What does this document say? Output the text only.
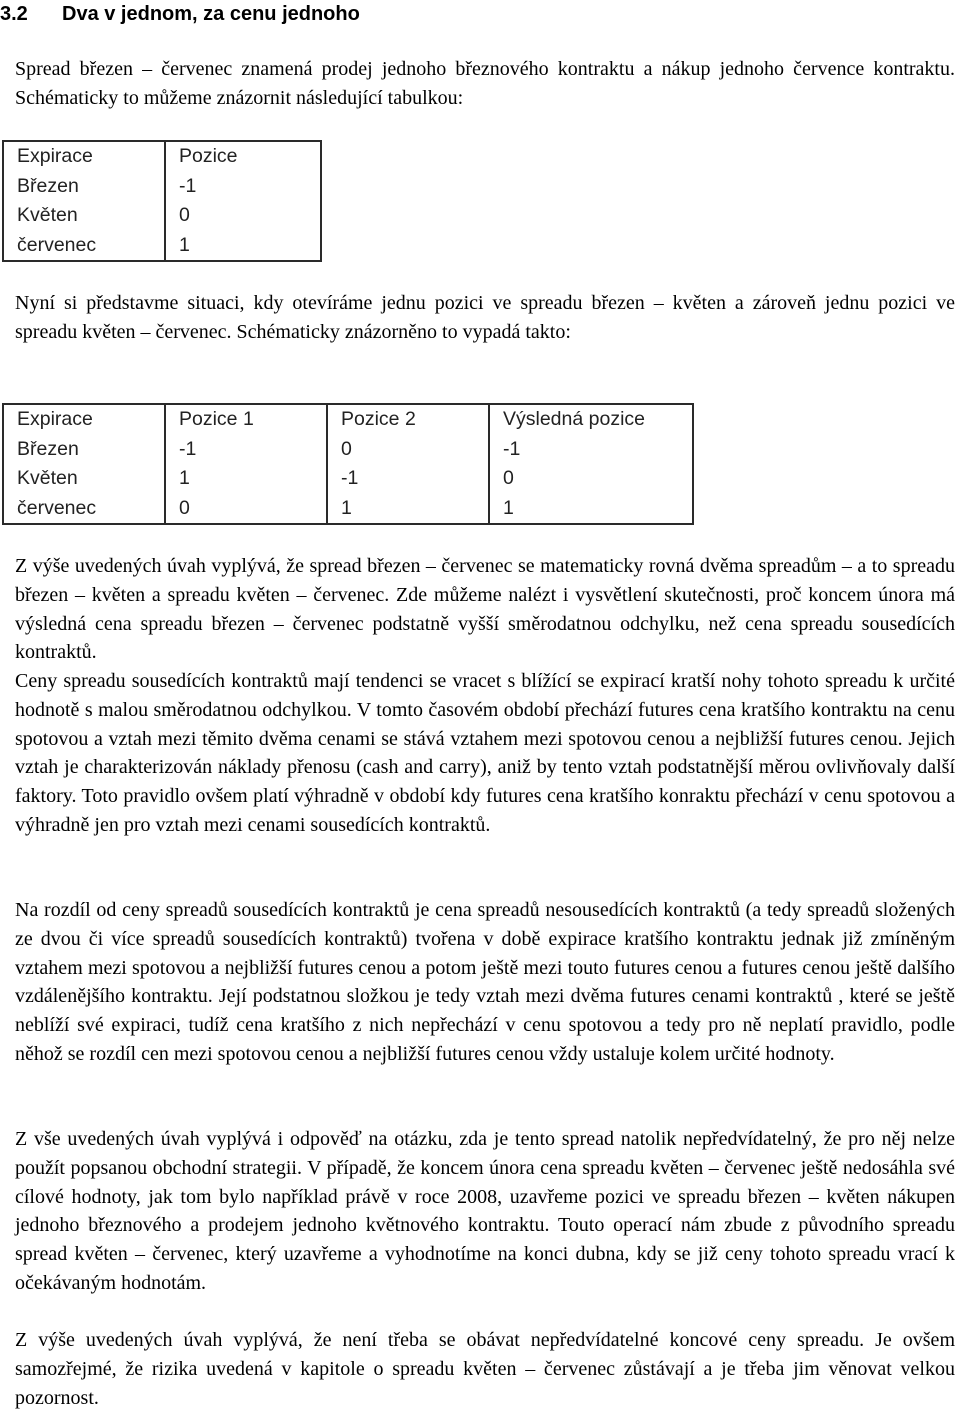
3.2 Dva v jednom, za cenu jednoho

Spread březen – červenec znamená prodej jednoho březnového kontraktu a nákup jednoho července kontraktu. Schématicky to můžeme znázornit následující tabulkou:

Expirace	Pozice
Březen	-1
Květen	0
červenec	1

Nyní si představme situaci, kdy otevíráme jednu pozici ve spreadu březen – květen a zároveň jednu pozici ve spreadu květen – červenec. Schématicky znázorněno to vypadá takto:

Expirace	Pozice 1	Pozice 2	Výsledná pozice
Březen	-1	0	-1
Květen	1	-1	0
červenec	0	1	1

Z výše uvedených úvah vyplývá, že spread březen – červenec se matematicky rovná dvěma spreadům – a to spreadu březen – květen a spreadu květen – červenec. Zde můžeme nalézt i vysvětlení skutečnosti, proč koncem února má výsledná cena spreadu březen – červenec podstatně vyšší směrodatnou odchylku, než cena spreadu sousedících kontraktů.

Ceny spreadu sousedících kontraktů mají tendenci se vracet s blížící se expirací kratší nohy tohoto spreadu k určité hodnotě s malou směrodatnou odchylkou. V tomto časovém období přechází futures cena kratšího kontraktu na cenu spotovou a vztah mezi těmito dvěma cenami se stává vztahem mezi spotovou cenou a nejbližší futures cenou. Jejich vztah je charakterizován náklady přenosu (cash and carry), aniž by tento vztah podstatnější měrou ovlivňovaly další faktory. Toto pravidlo ovšem platí výhradně v období kdy futures cena kratšího konraktu přechází v cenu spotovou a výhradně jen pro vztah mezi cenami sousedících kontraktů.

Na rozdíl od ceny spreadů sousedících kontraktů je cena spreadů nesousedících kontraktů (a tedy spreadů složených ze dvou či více spreadů sousedících kontraktů) tvořena v době expirace kratšího kontraktu jednak již zmíněným vztahem mezi spotovou a nejbližší futures cenou a potom ještě mezi touto futures cenou a futures cenou ještě dalšího vzdálenějšího kontraktu. Její podstatnou složkou je tedy vztah mezi dvěma futures cenami kontraktů , které se ještě neblíží své expiraci, tudíž cena kratšího z nich nepřechází v cenu spotovou a tedy pro ně neplatí pravidlo, podle něhož se rozdíl cen mezi spotovou cenou a nejbližší futures cenou vždy ustaluje kolem určité hodnoty.

Z vše uvedených úvah vyplývá i odpověď na otázku, zda je tento spread natolik nepředvídatelný, že pro něj nelze použít popsanou obchodní strategii. V případě, že koncem února cena spreadu květen – červenec ještě nedosáhla své cílové hodnoty, jak tom bylo například právě v roce 2008, uzavřeme pozici ve spreadu březen – květen nákupen jednoho březnového a prodejem jednoho květnového kontraktu. Touto operací nám zbude z původního spreadu spread květen – červenec, který uzavřeme a vyhodnotíme na konci dubna, kdy se již ceny tohoto spreadu vrací k očekávaným hodnotám.

Z výše uvedených úvah vyplývá, že není třeba se obávat nepředvídatelné koncové ceny spreadu. Je ovšem samozřejmé, že rizika uvedená v kapitole o spreadu květen – červenec zůstávají a je třeba jim věnovat velkou pozornost.
